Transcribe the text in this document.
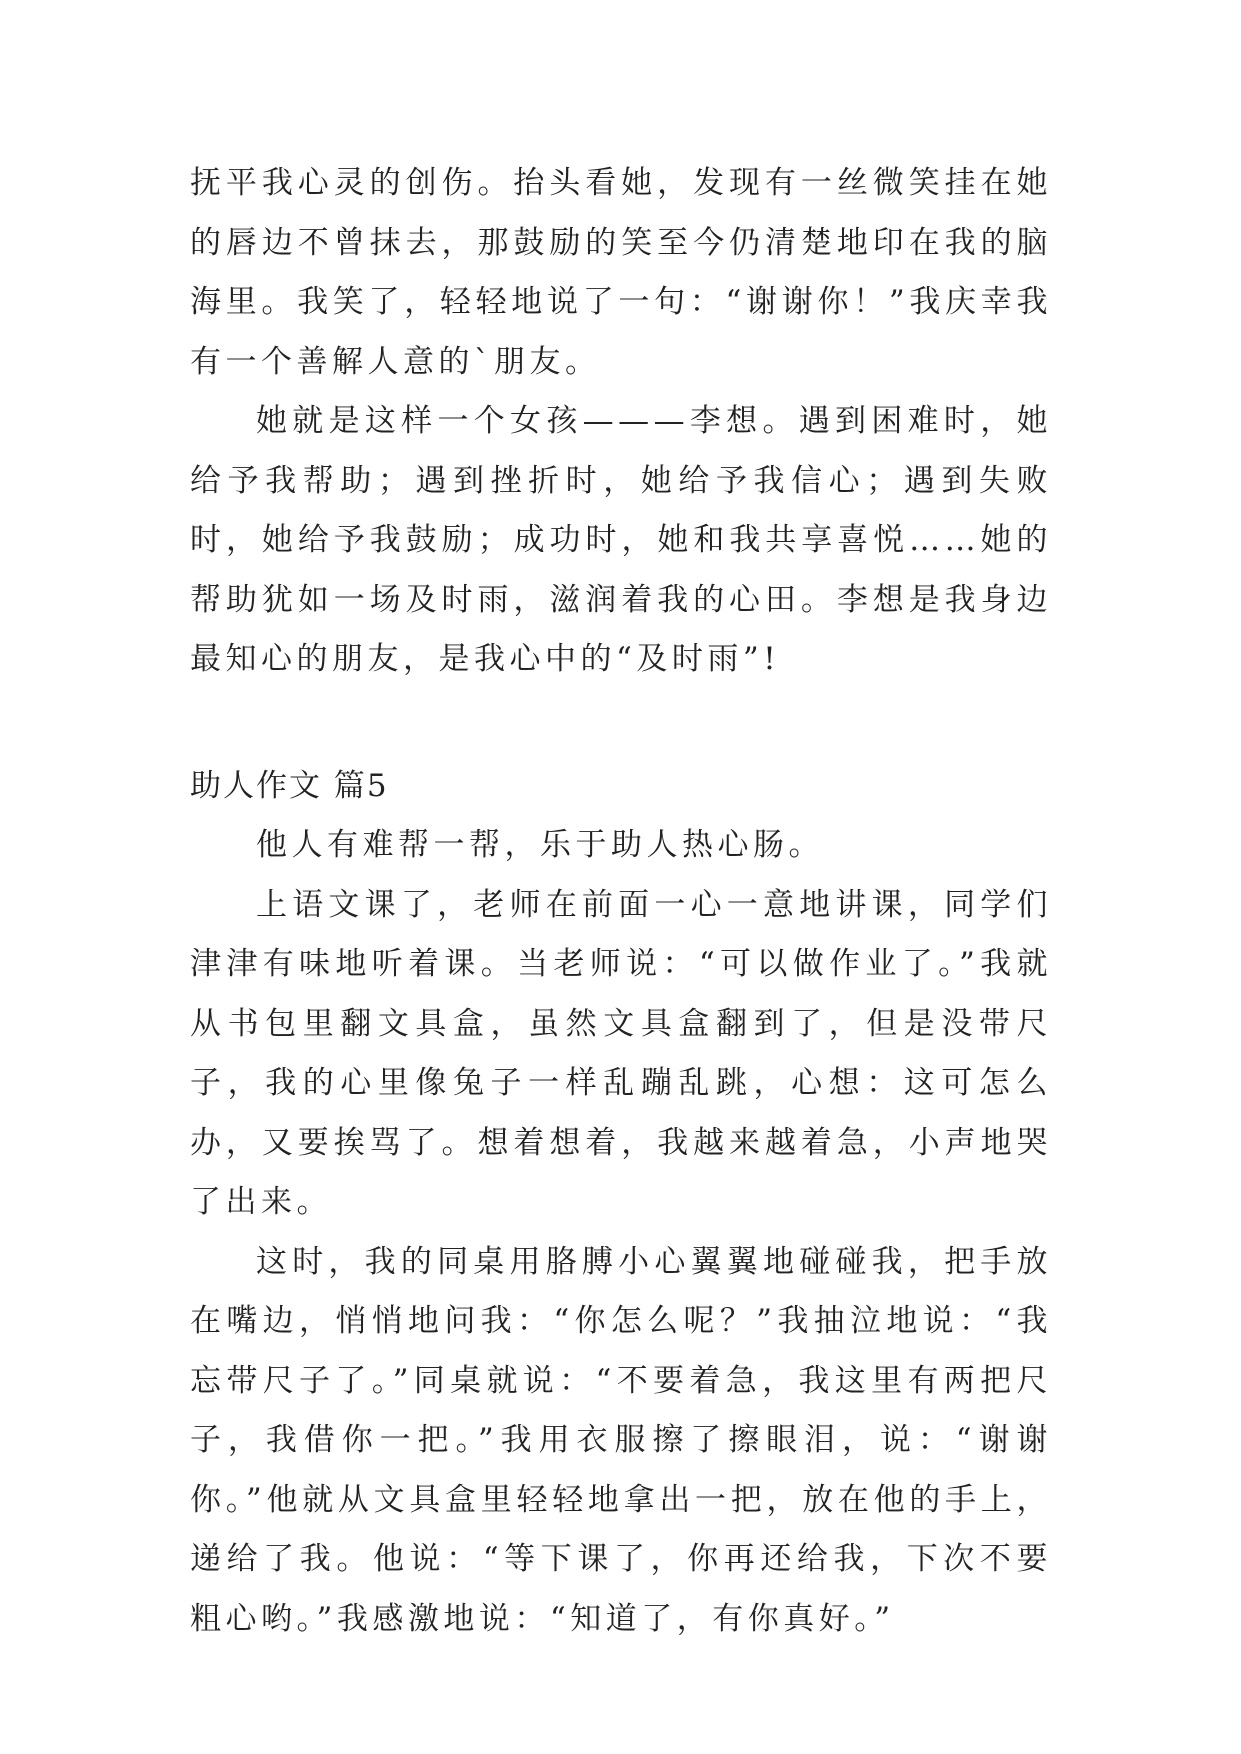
抚平我心灵的创伤。抬头看她，发现有一丝微笑挂在她的唇边不曾抹去，那鼓励的笑至今仍清楚地印在我的脑海里。我笑了，轻轻地说了一句：“谢谢你！”我庆幸我有一个善解人意的`朋友。

她就是这样一个女孩———李想。遇到困难时，她给予我帮助；遇到挫折时，她给予我信心；遇到失败时，她给予我鼓励；成功时，她和我共享喜悦……她的帮助犹如一场及时雨，滋润着我的心田。李想是我身边最知心的朋友，是我心中的“及时雨”!

助人作文 篇5

他人有难帮一帮，乐于助人热心肠。

上语文课了，老师在前面一心一意地讲课，同学们津津有味地听着课。当老师说：“可以做作业了。”我就从书包里翻文具盒，虽然文具盒翻到了，但是没带尺子，我的心里像兔子一样乱蹦乱跳，心想：这可怎么办，又要挨骂了。想着想着，我越来越着急，小声地哭了出来。

这时，我的同桌用胳膊小心翼翼地碰碰我，把手放在嘴边，悄悄地问我：“你怎么呢？”我抽泣地说：“我忘带尺子了。”同桌就说：“不要着急，我这里有两把尺子，我借你一把。”我用衣服擦了擦眼泪，说：“谢谢你。”他就从文具盒里轻轻地拿出一把，放在他的手上，递给了我。他说：“等下课了，你再还给我，下次不要粗心哟。”我感激地说：“知道了，有你真好。”
